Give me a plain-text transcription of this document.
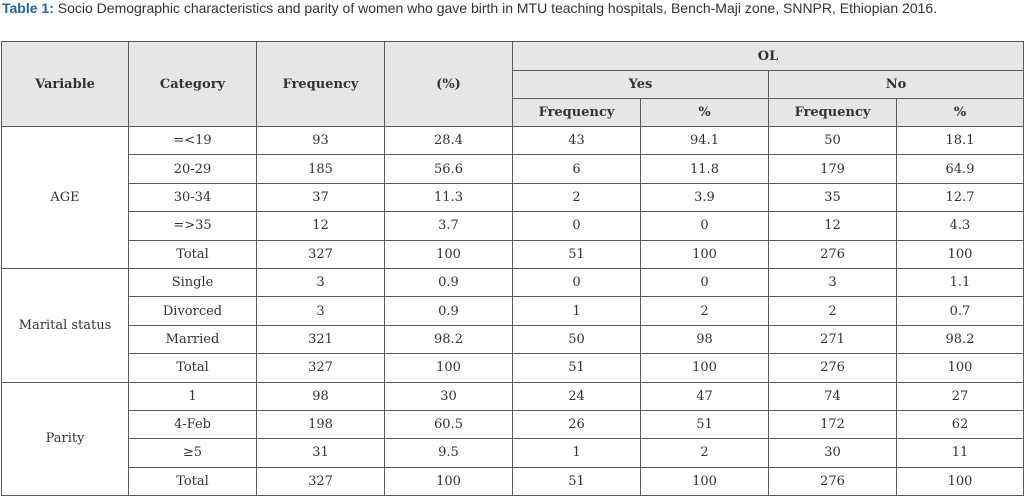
Table 1: Socio Demographic characteristics and parity of women who gave birth in MTU teaching hospitals, Bench-Maji zone, SNNPR, Ethiopian 2016.
Variable	Category	Frequency	(%)	OL			
				Yes		No	
				Frequency	%	Frequency	%
AGE	=<19	93	28.4	43	94.1	50	18.1
	20-29	185	56.6	6	11.8	179	64.9
	30-34	37	11.3	2	3.9	35	12.7
	=>35	12	3.7	0	0	12	4.3
	Total	327	100	51	100	276	100
Marital status	Single	3	0.9	0	0	3	1.1
	Divorced	3	0.9	1	2	2	0.7
	Married	321	98.2	50	98	271	98.2
	Total	327	100	51	100	276	100
Parity	1	98	30	24	47	74	27
	4-Feb	198	60.5	26	51	172	62
	≥5	31	9.5	1	2	30	11
	Total	327	100	51	100	276	100
